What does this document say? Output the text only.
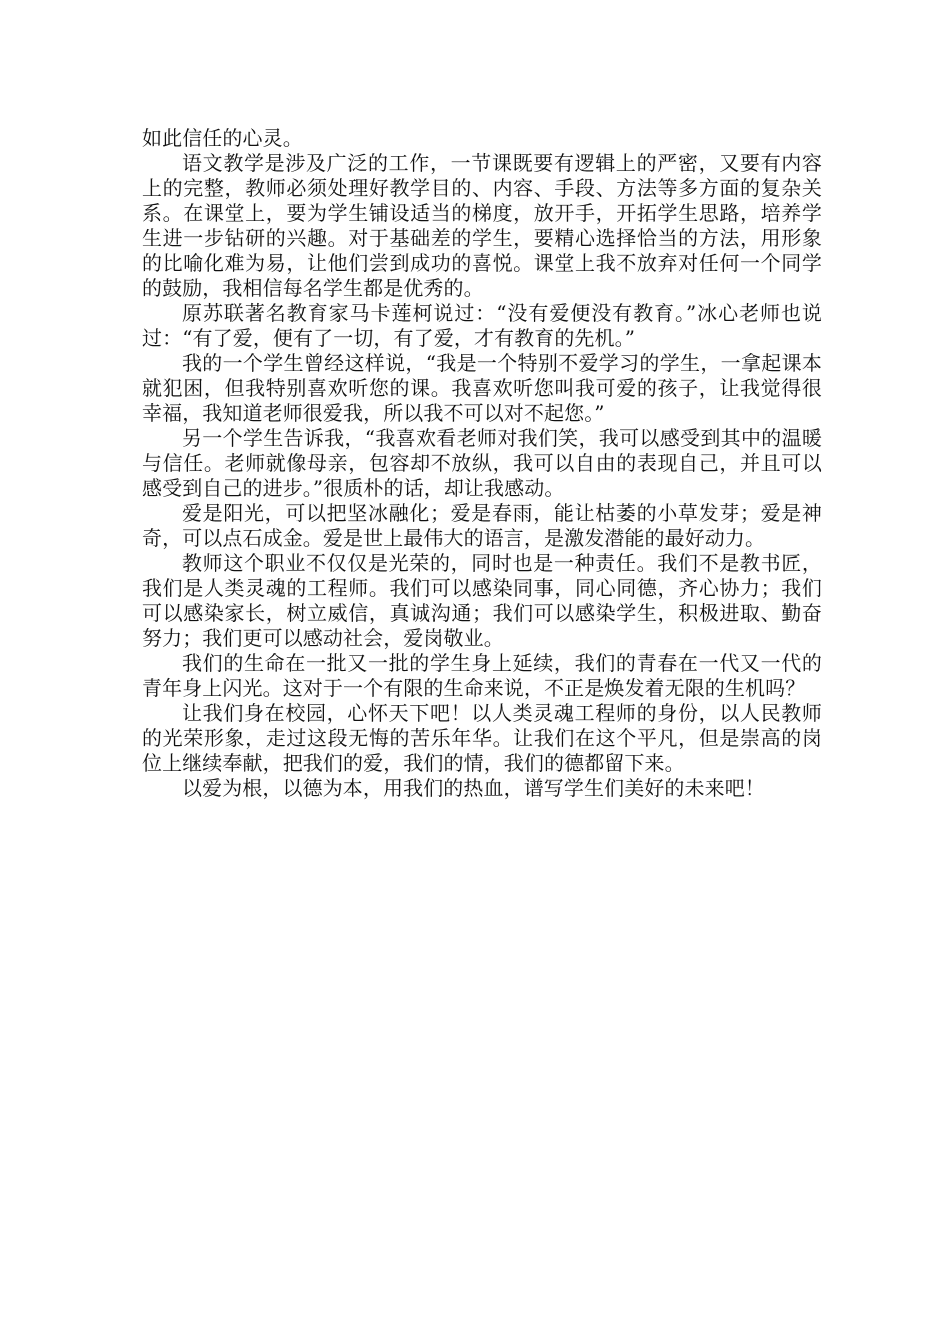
如此信任的心灵。

语文教学是涉及广泛的工作，一节课既要有逻辑上的严密，又要有内容上的完整，教师必须处理好教学目的、内容、手段、方法等多方面的复杂关系。在课堂上，要为学生铺设适当的梯度，放开手，开拓学生思路，培养学生进一步钻研的兴趣。对于基础差的学生，要精心选择恰当的方法，用形象的比喻化难为易，让他们尝到成功的喜悦。课堂上我不放弃对任何一个同学的鼓励，我相信每名学生都是优秀的。

原苏联著名教育家马卡莲柯说过：“没有爱便没有教育。”冰心老师也说过：“有了爱，便有了一切，有了爱，才有教育的先机。”

我的一个学生曾经这样说，“我是一个特别不爱学习的学生，一拿起课本就犯困，但我特别喜欢听您的课。我喜欢听您叫我可爱的孩子，让我觉得很幸福，我知道老师很爱我，所以我不可以对不起您。”

另一个学生告诉我，“我喜欢看老师对我们笑，我可以感受到其中的温暖与信任。老师就像母亲，包容却不放纵，我可以自由的表现自己，并且可以感受到自己的进步。”很质朴的话，却让我感动。

爱是阳光，可以把坚冰融化；爱是春雨，能让枯萎的小草发芽；爱是神奇，可以点石成金。爱是世上最伟大的语言，是激发潜能的最好动力。

教师这个职业不仅仅是光荣的，同时也是一种责任。我们不是教书匠，我们是人类灵魂的工程师。我们可以感染同事，同心同德，齐心协力；我们可以感染家长，树立威信，真诚沟通；我们可以感染学生，积极进取、勤奋努力；我们更可以感动社会，爱岗敬业。

我们的生命在一批又一批的学生身上延续，我们的青春在一代又一代的青年身上闪光。这对于一个有限的生命来说，不正是焕发着无限的生机吗？

让我们身在校园，心怀天下吧！以人类灵魂工程师的身份，以人民教师的光荣形象，走过这段无悔的苦乐年华。让我们在这个平凡，但是崇高的岗位上继续奉献，把我们的爱，我们的情，我们的德都留下来。

以爱为根，以德为本，用我们的热血，谱写学生们美好的未来吧！
